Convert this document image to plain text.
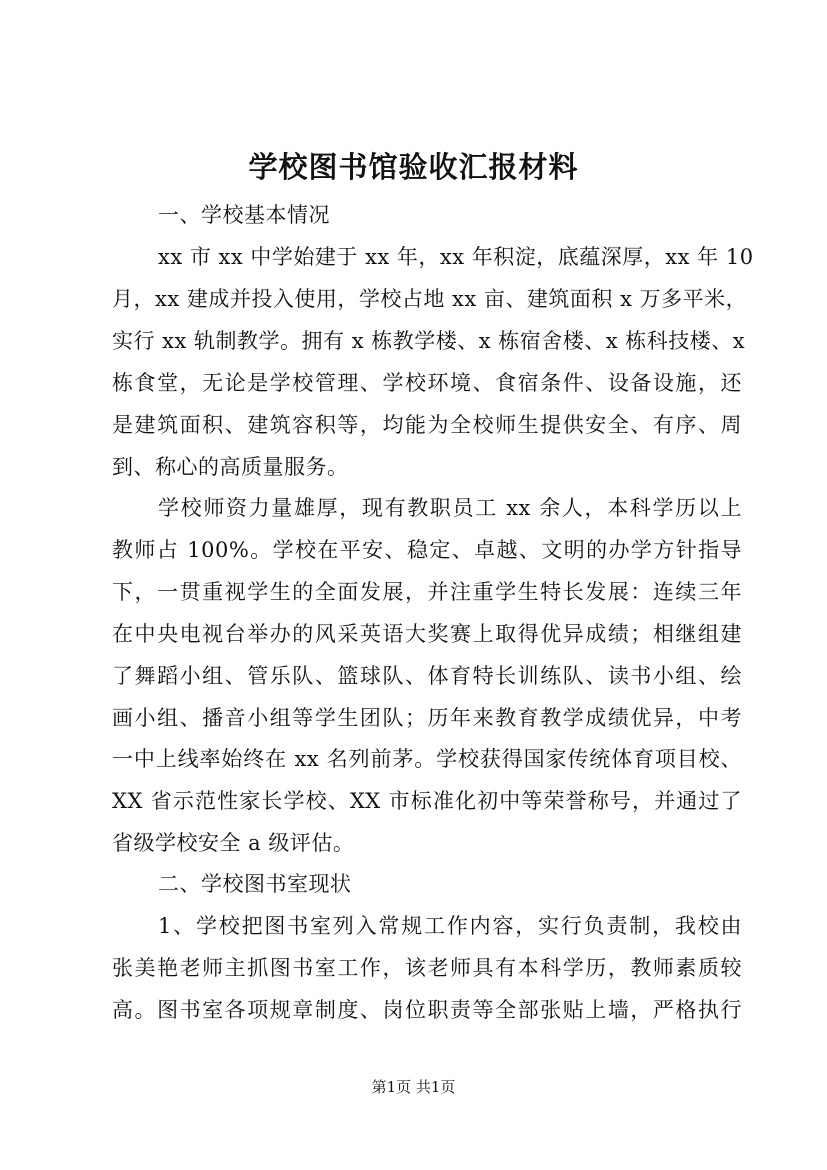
学校图书馆验收汇报材料
一、学校基本情况
xx 市 xx 中学始建于 xx 年，xx 年积淀，底蕴深厚，xx 年 10
月，xx 建成并投入使用，学校占地 xx 亩、建筑面积 x 万多平米，
实行 xx 轨制教学。拥有 x 栋教学楼、x 栋宿舍楼、x 栋科技楼、x
栋食堂，无论是学校管理、学校环境、食宿条件、设备设施，还
是建筑面积、建筑容积等，均能为全校师生提供安全、有序、周
到、称心的高质量服务。
学校师资力量雄厚，现有教职员工 xx 余人，本科学历以上
教师占 100%。学校在平安、稳定、卓越、文明的办学方针指导
下，一贯重视学生的全面发展，并注重学生特长发展：连续三年
在中央电视台举办的风采英语大奖赛上取得优异成绩；相继组建
了舞蹈小组、管乐队、篮球队、体育特长训练队、读书小组、绘
画小组、播音小组等学生团队；历年来教育教学成绩优异，中考
一中上线率始终在 xx 名列前茅。学校获得国家传统体育项目校、
XX 省示范性家长学校、XX 市标准化初中等荣誉称号，并通过了
省级学校安全 a 级评估。
二、学校图书室现状
1、学校把图书室列入常规工作内容，实行负责制，我校由
张美艳老师主抓图书室工作，该老师具有本科学历，教师素质较
高。图书室各项规章制度、岗位职责等全部张贴上墙，严格执行
第1页 共1页
